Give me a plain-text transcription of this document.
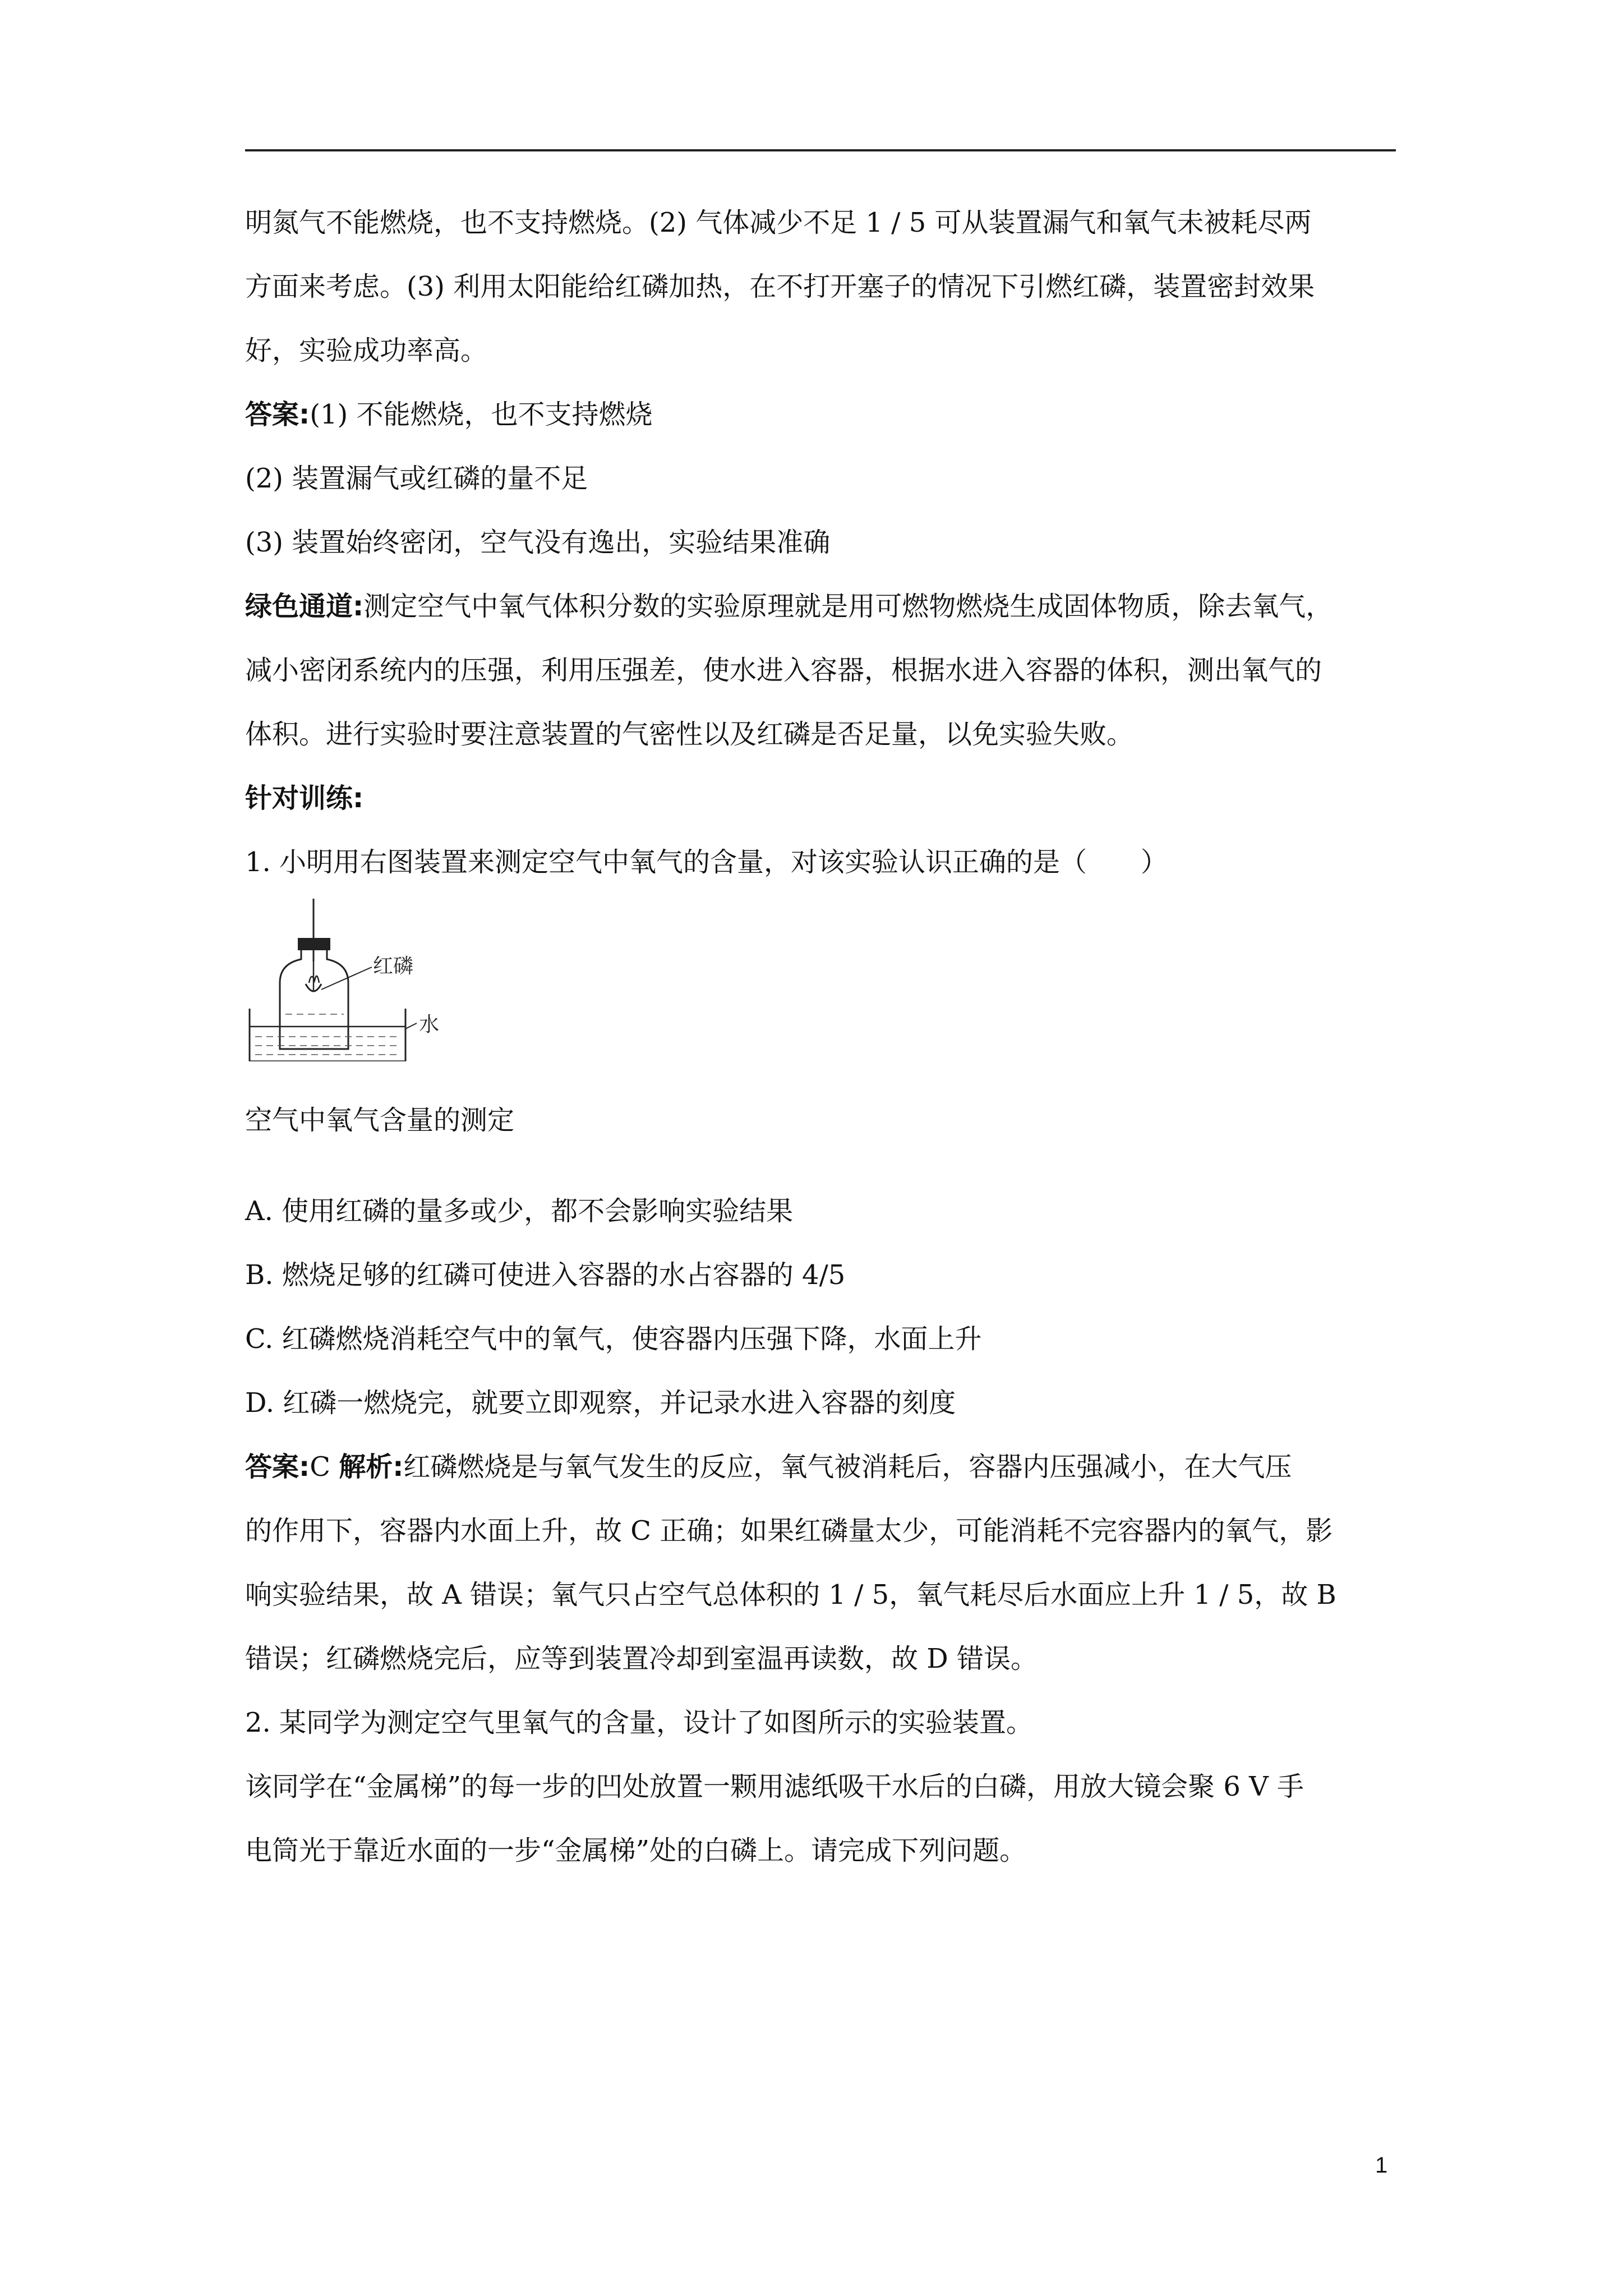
明氮气不能燃烧，也不支持燃烧。(2) 气体减少不足 1 / 5 可从装置漏气和氧气未被耗尽两

方面来考虑。(3) 利用太阳能给红磷加热，在不打开塞子的情况下引燃红磷，装置密封效果

好，实验成功率高。

答案:(1) 不能燃烧，也不支持燃烧

(2) 装置漏气或红磷的量不足

(3) 装置始终密闭，空气没有逸出，实验结果准确

绿色通道:测定空气中氧气体积分数的实验原理就是用可燃物燃烧生成固体物质，除去氧气，

减小密闭系统内的压强，利用压强差，使水进入容器，根据水进入容器的体积，测出氧气的

体积。进行实验时要注意装置的气密性以及红磷是否足量，以免实验失败。

针对训练:

1. 小明用右图装置来测定空气中氧气的含量，对该实验认识正确的是（　　）

红磷
水

空气中氧气含量的测定

A. 使用红磷的量多或少，都不会影响实验结果

B. 燃烧足够的红磷可使进入容器的水占容器的 4/5

C. 红磷燃烧消耗空气中的氧气，使容器内压强下降，水面上升

D. 红磷一燃烧完，就要立即观察，并记录水进入容器的刻度

答案:C 解析:红磷燃烧是与氧气发生的反应，氧气被消耗后，容器内压强减小，在大气压

的作用下，容器内水面上升，故 C 正确；如果红磷量太少，可能消耗不完容器内的氧气，影

响实验结果，故 A 错误；氧气只占空气总体积的 1 / 5，氧气耗尽后水面应上升 1 / 5，故 B

错误；红磷燃烧完后，应等到装置冷却到室温再读数，故 D 错误。

2. 某同学为测定空气里氧气的含量，设计了如图所示的实验装置。

该同学在“金属梯”的每一步的凹处放置一颗用滤纸吸干水后的白磷，用放大镜会聚 6 V 手

电筒光于靠近水面的一步“金属梯”处的白磷上。请完成下列问题。

1
